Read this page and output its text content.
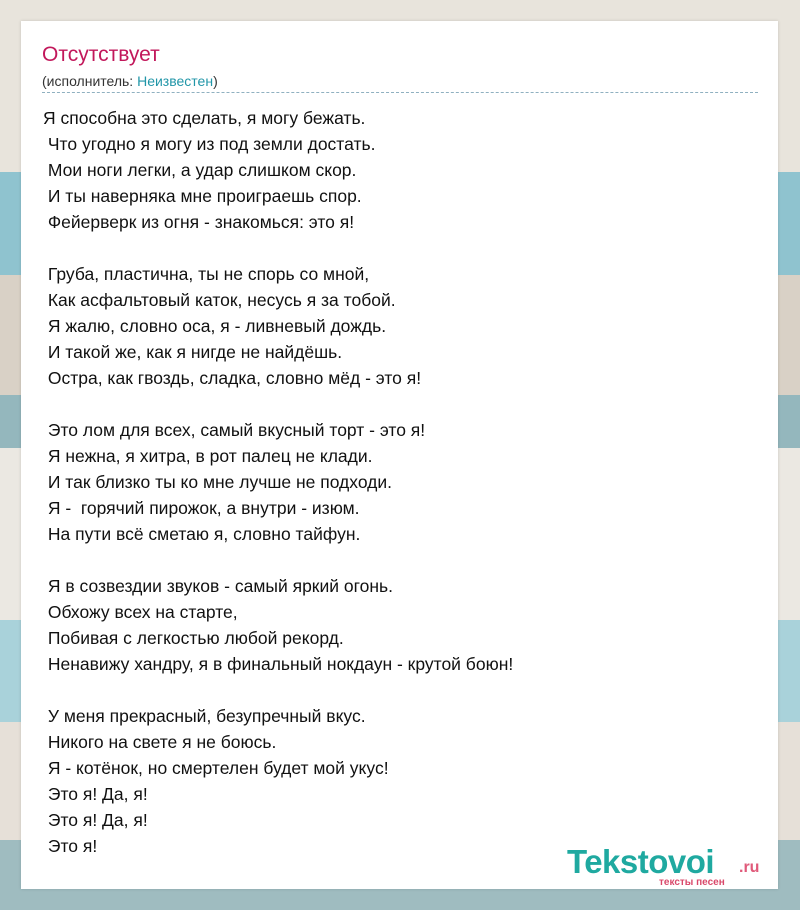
Отсутствует
(исполнитель: Неизвестен)
Я способна это сделать, я могу бежать.
Что угодно я могу из под земли достать.
Мои ноги легки, а удар слишком скор.
И ты наверняка мне проиграешь спор.
Фейерверк из огня - знакомься: это я!

Груба, пластична, ты не спорь со мной,
Как асфальтовый каток, несусь я за тобой.
Я жалю, словно оса, я - ливневый дождь.
И такой же, как я нигде не найдёшь.
Остра, как гвоздь, сладка, словно мёд - это я!

Это лом для всех, самый вкусный торт - это я!
Я нежна, я хитра, в рот палец не клади.
И так близко ты ко мне лучше не подходи.
Я -  горячий пирожок, а внутри - изюм.
На пути всё сметаю я, словно тайфун.

Я в созвездии звуков - самый яркий огонь.
Обхожу всех на старте,
Побивая с легкостью любой рекорд.
Ненавижу хандру, я в финальный нокдаун - крутой боюн!

У меня прекрасный, безупречный вкус.
Никого на свете я не боюсь.
Я - котёнок, но смертелен будет мой укус!
Это я! Да, я!
Это я! Да, я!
Это я!	Tekstovoi .ru
тексты песен
